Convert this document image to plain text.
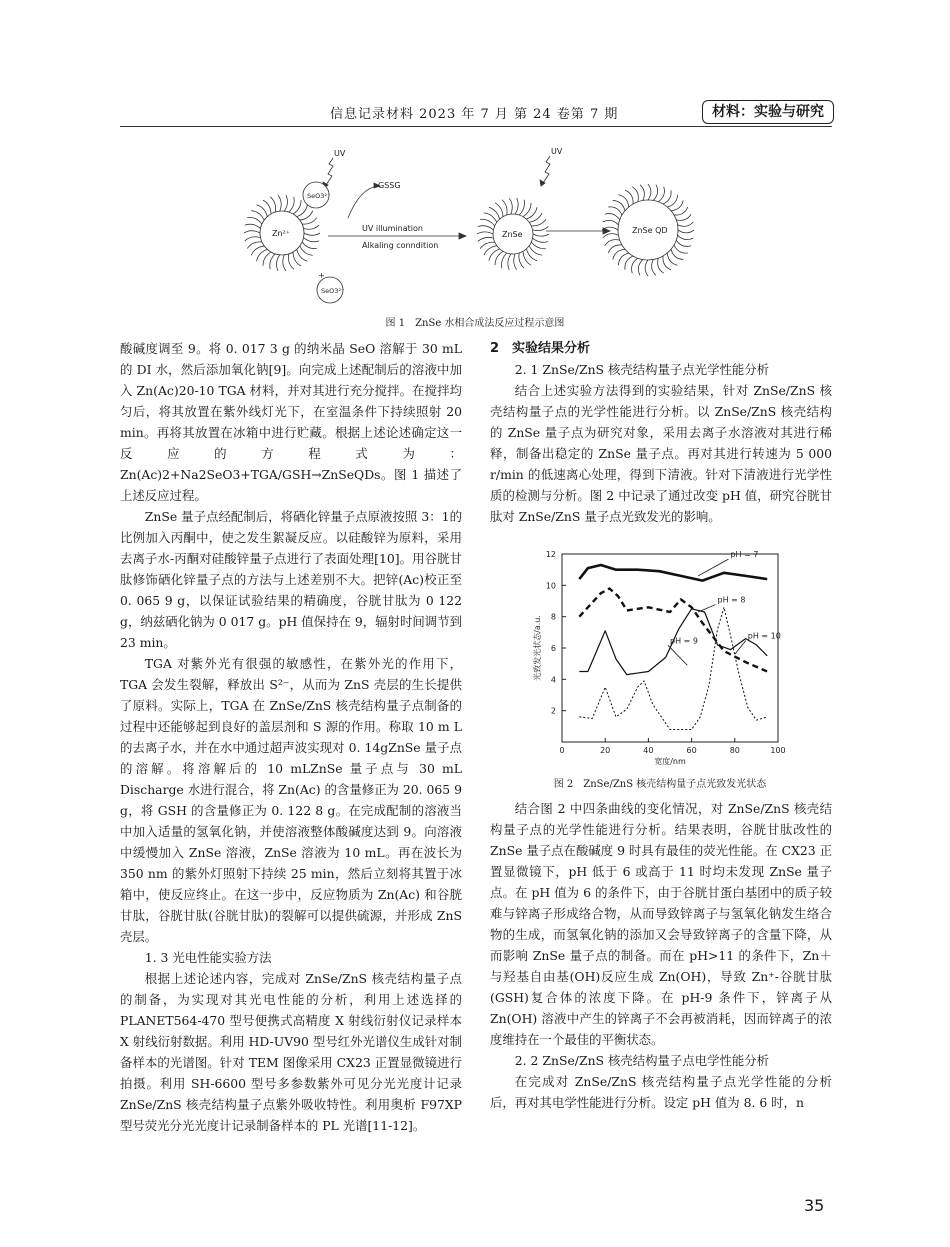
信息记录材料 2023 年 7 月 第 24 卷第 7 期	材料：实验与研究
UV	UV
SeO3²⁻
SeO3²⁻
GSSG
Zn²⁺
+
UV illumination
Alkaling conndition
ZnSe	ZnSe QD
图 1　ZnSe 水相合成法反应过程示意图

酸碱度调至 9。将 0. 017 3 g 的纳米晶 SeO 溶解于 30 mL 的 DI 水，然后添加氧化钠[9]。向完成上述配制后的溶液中加入 Zn(Ac)20-10 TGA 材料，并对其进行充分搅拌。在搅拌均匀后，将其放置在紫外线灯光下，在室温条件下持续照射 20 min。再将其放置在冰箱中进行贮藏。根据上述论述确定这一反应的方程式为：Zn(Ac)2+Na2SeO3+TGA/GSH→ZnSeQDs。图 1 描述了上述反应过程。

ZnSe 量子点经配制后，将硒化锌量子点原液按照 3：1的比例加入丙酮中，使之发生絮凝反应。以硅酸锌为原料，采用去离子水-丙酮对硅酸锌量子点进行了表面处理[10]。用谷胱甘肽修饰硒化锌量子点的方法与上述差别不大。把锌(Ac)校正至 0. 065 9 g，以保证试验结果的精确度，谷胱甘肽为 0 122 g，纳兹硒化钠为 0 017 g。pH 值保持在 9，辐射时间调节到 23 min。

TGA 对紫外光有很强的敏感性，在紫外光的作用下，TGA 会发生裂解，释放出 S²⁻，从而为 ZnS 壳层的生长提供了原料。实际上，TGA 在 ZnSe/ZnS 核壳结构量子点制备的过程中还能够起到良好的盖层剂和 S 源的作用。称取 10 m L 的去离子水，并在水中通过超声波实现对 0. 14gZnSe 量子点的溶解。将溶解后的 10 mLZnSe 量子点与 30 mL Discharge 水进行混合，将 Zn(Ac) 的含量修正为 20. 065 9 g，将 GSH 的含量修正为 0. 122 8 g。在完成配制的溶液当中加入适量的氢氧化钠，并使溶液整体酸碱度达到 9。向溶液中缓慢加入 ZnSe 溶液，ZnSe 溶液为 10 mL。再在波长为 350 nm 的紫外灯照射下持续 25 min，然后立刻将其置于冰箱中，使反应终止。在这一步中，反应物质为 Zn(Ac) 和谷胱甘肽，谷胱甘肽(谷胱甘肽)的裂解可以提供硫源，并形成 ZnS 壳层。

1. 3 光电性能实验方法

根据上述论述内容，完成对 ZnSe/ZnS 核壳结构量子点的制备，为实现对其光电性能的分析，利用上述选择的 PLANET564-470 型号便携式高精度 X 射线衍射仪记录样本 X 射线衍射数据。利用 HD-UV90 型号红外光谱仪生成针对制备样本的光谱图。针对 TEM 图像采用 CX23 正置显微镜进行拍摄。利用 SH-6600 型号多参数紫外可见分光光度计记录 ZnSe/ZnS 核壳结构量子点紫外吸收特性。利用奥析 F97XP 型号荧光分光光度计记录制备样本的 PL 光谱[11-12]。

2　实验结果分析

2. 1 ZnSe/ZnS 核壳结构量子点光学性能分析

结合上述实验方法得到的实验结果，针对 ZnSe/ZnS 核壳结构量子点的光学性能进行分析。以 ZnSe/ZnS 核壳结构的 ZnSe 量子点为研究对象，采用去离子水溶液对其进行稀释，制备出稳定的 ZnSe 量子点。再对其进行转速为 5 000 r/min 的低速离心处理，得到下清液。针对下清液进行光学性质的检测与分析。图 2 中记录了通过改变 pH 值，研究谷胱甘肽对 ZnSe/ZnS 量子点光致发光的影响。

0	20	40	60	80	100
2
4
6
8
10
12
宽度/nm
光致发光状态/a.u.
pH = 7
pH = 8
pH = 10
pH = 9
图 2　ZnSe/ZnS 核壳结构量子点光致发光状态

结合图 2 中四条曲线的变化情况，对 ZnSe/ZnS 核壳结构量子点的光学性能进行分析。结果表明，谷胱甘肽改性的 ZnSe 量子点在酸碱度 9 时具有最佳的荧光性能。在 CX23 正置显微镜下，pH 低于 6 或高于 11 时均未发现 ZnSe 量子点。在 pH 值为 6 的条件下，由于谷胱甘蛋白基团中的质子较难与锌离子形成络合物，从而导致锌离子与氢氧化钠发生络合物的生成，而氢氧化钠的添加又会导致锌离子的含量下降，从而影响 ZnSe 量子点的制备。而在 pH>11 的条件下，Zn＋与羟基自由基(OH)反应生成 Zn(OH)，导致 Zn⁺-谷胱甘肽(GSH)复合体的浓度下降。在 pH-9 条件下，锌离子从 Zn(OH) 溶液中产生的锌离子不会再被消耗，因而锌离子的浓度维持在一个最佳的平衡状态。

2. 2 ZnSe/ZnS 核壳结构量子点电学性能分析

在完成对 ZnSe/ZnS 核壳结构量子点光学性能的分析后，再对其电学性能进行分析。设定 pH 值为 8. 6 时，n

35
